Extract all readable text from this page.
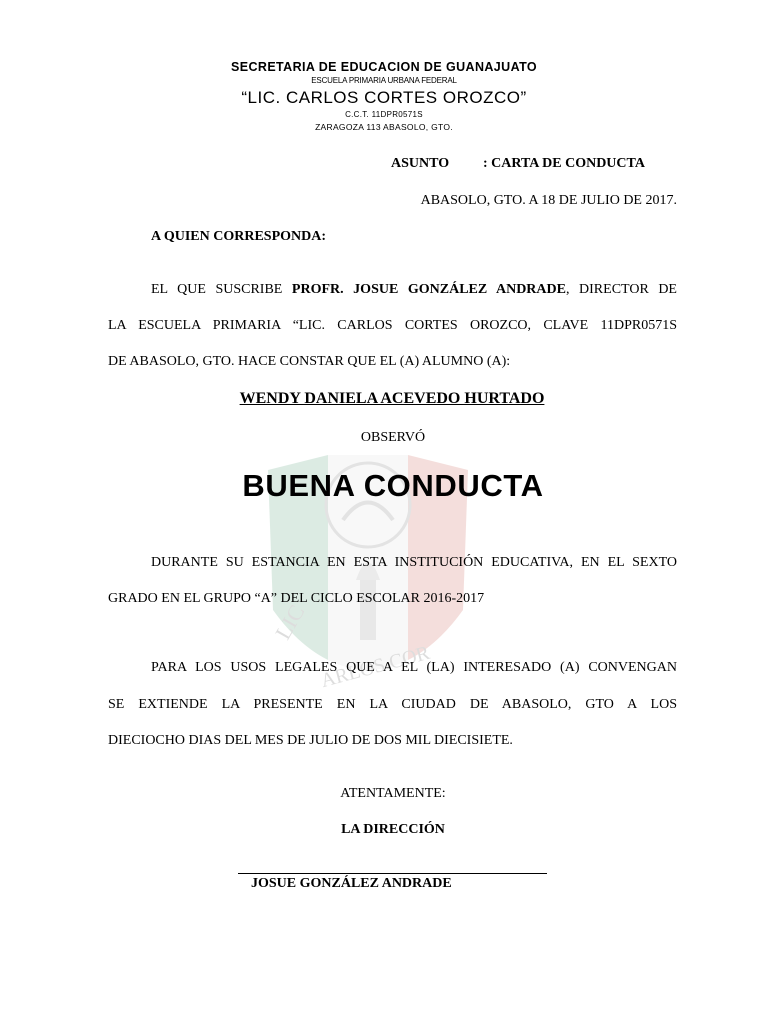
LIC
ARLOS COR
SECRETARIA DE EDUCACION DE GUANAJUATO
ESCUELA PRIMARIA URBANA FEDERAL
“LIC. CARLOS CORTES OROZCO”
C.C.T. 11DPR0571S
ZARAGOZA 113 ABASOLO, GTO.
ASUNTO : CARTA DE CONDUCTA
ABASOLO, GTO. A 18 DE JULIO DE 2017.
A QUIEN CORRESPONDA:
EL QUE SUSCRIBE PROFR. JOSUE GONZÁLEZ ANDRADE, DIRECTOR DE
LA ESCUELA PRIMARIA “LIC. CARLOS CORTES OROZCO, CLAVE 11DPR0571S
DE ABASOLO, GTO. HACE CONSTAR QUE EL (A) ALUMNO (A):
WENDY DANIELA ACEVEDO HURTADO
OBSERVÓ
BUENA CONDUCTA
DURANTE SU ESTANCIA EN ESTA INSTITUCIÓN EDUCATIVA, EN EL SEXTO
GRADO EN EL GRUPO “A” DEL CICLO ESCOLAR 2016-2017
PARA LOS USOS LEGALES QUE A EL (LA) INTERESADO (A) CONVENGAN
SE EXTIENDE LA PRESENTE EN LA CIUDAD DE ABASOLO, GTO A LOS
DIECIOCHO DIAS DEL MES DE JULIO DE DOS MIL DIECISIETE.
ATENTAMENTE:
LA DIRECCIÓN
JOSUE GONZÁLEZ ANDRADE
